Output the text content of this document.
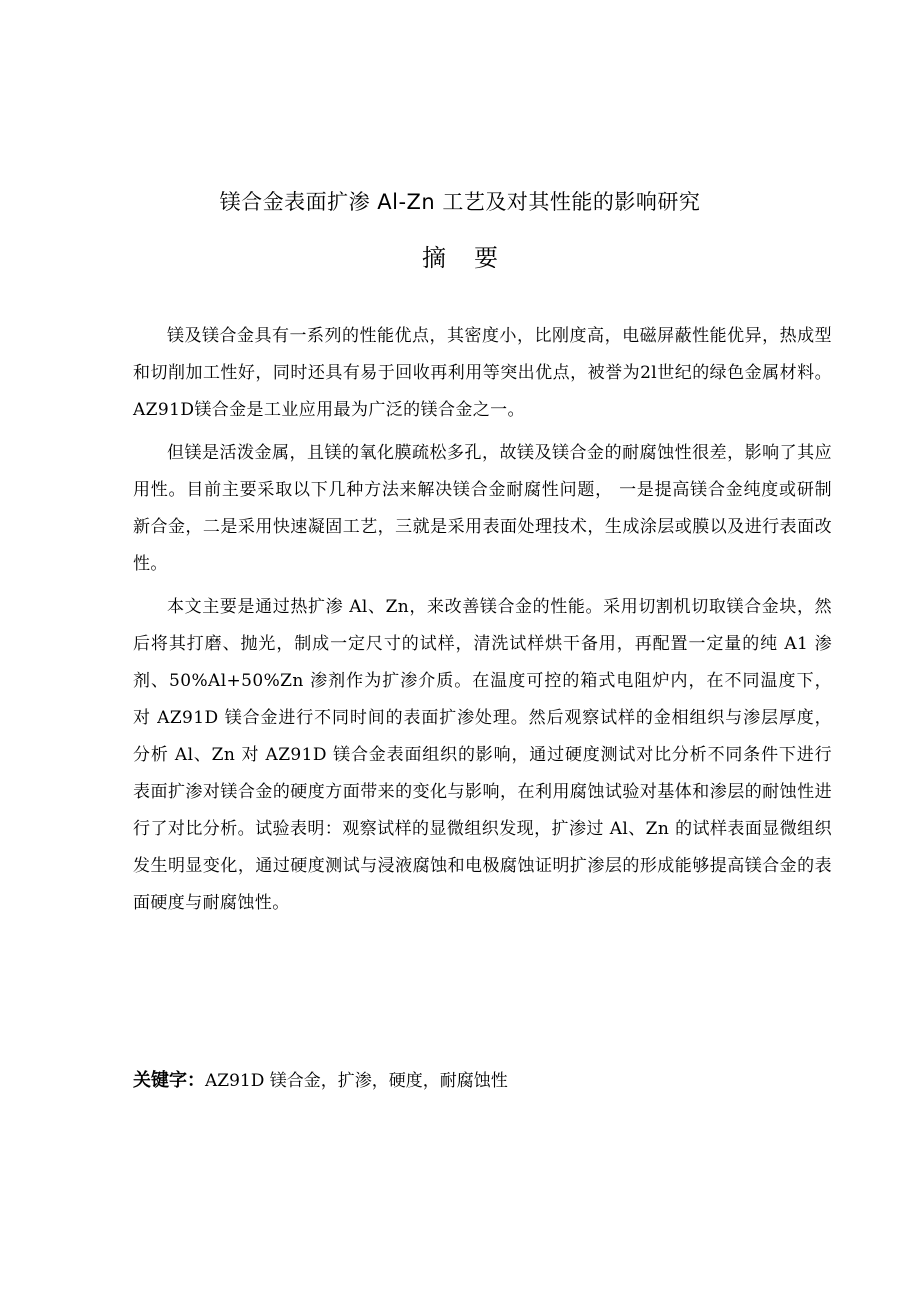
镁合金表面扩渗 Al-Zn 工艺及对其性能的影响研究
摘要

镁及镁合金具有一系列的性能优点，其密度小，比刚度高，电磁屏蔽性能优异，热成型和切削加工性好，同时还具有易于回收再利用等突出优点，被誉为2l世纪的绿色金属材料。AZ91D镁合金是工业应用最为广泛的镁合金之一。

但镁是活泼金属，且镁的氧化膜疏松多孔，故镁及镁合金的耐腐蚀性很差，影响了其应用性。目前主要采取以下几种方法来解决镁合金耐腐性问题， 一是提高镁合金纯度或研制新合金，二是采用快速凝固工艺，三就是采用表面处理技术，生成涂层或膜以及进行表面改性。

本文主要是通过热扩渗 Al、Zn，来改善镁合金的性能。采用切割机切取镁合金块，然后将其打磨、抛光，制成一定尺寸的试样，清洗试样烘干备用，再配置一定量的纯 A1 渗剂、50%Al+50%Zn 渗剂作为扩渗介质。在温度可控的箱式电阻炉内，在不同温度下， 对 AZ91D 镁合金进行不同时间的表面扩渗处理。然后观察试样的金相组织与渗层厚度，分析 Al、Zn 对 AZ91D 镁合金表面组织的影响，通过硬度测试对比分析不同条件下进行表面扩渗对镁合金的硬度方面带来的变化与影响，在利用腐蚀试验对基体和渗层的耐蚀性进行了对比分析。试验表明：观察试样的显微组织发现，扩渗过 Al、Zn 的试样表面显微组织发生明显变化，通过硬度测试与浸液腐蚀和电极腐蚀证明扩渗层的形成能够提高镁合金的表面硬度与耐腐蚀性。

关键字：AZ91D 镁合金，扩渗，硬度，耐腐蚀性
